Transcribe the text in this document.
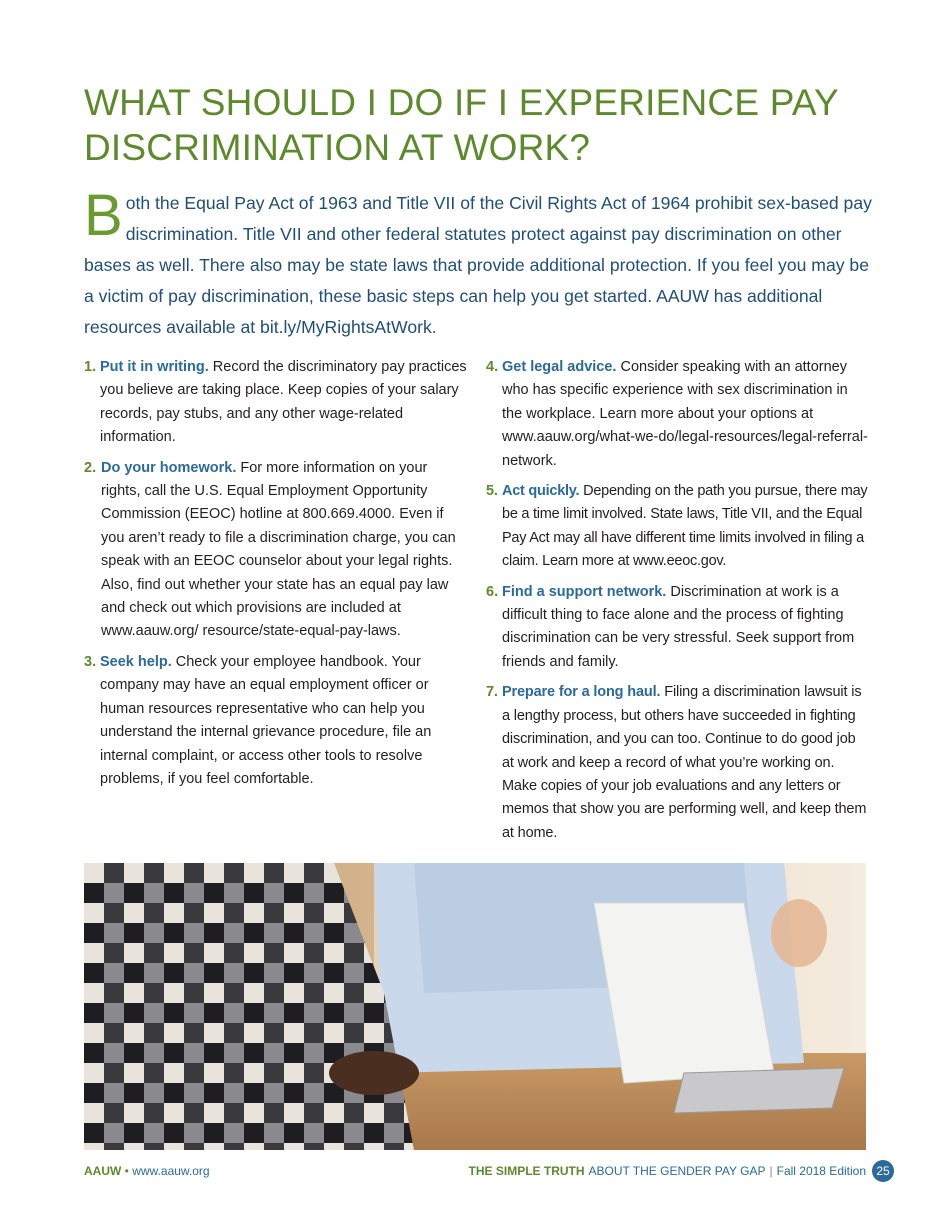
WHAT SHOULD I DO IF I EXPERIENCE PAY DISCRIMINATION AT WORK?

Both the Equal Pay Act of 1963 and Title VII of the Civil Rights Act of 1964 prohibit sex-based pay discrimination. Title VII and other federal statutes protect against pay discrimination on other bases as well. There also may be state laws that provide additional protection. If you feel you may be a victim of pay discrimination, these basic steps can help you get started. AAUW has additional resources available at bit.ly/MyRightsAtWork.

1. Put it in writing. Record the discriminatory pay practices you believe are taking place. Keep copies of your salary records, pay stubs, and any other wage-related information.
2. Do your homework. For more information on your rights, call the U.S. Equal Employment Opportunity Commission (EEOC) hotline at 800.669.4000. Even if you aren’t ready to file a discrimination charge, you can speak with an EEOC counselor about your legal rights. Also, find out whether your state has an equal pay law and check out which provisions are included at www.aauw.org/ resource/state-equal-pay-laws.
3. Seek help. Check your employee handbook. Your company may have an equal employment officer or human resources representative who can help you understand the internal grievance procedure, file an internal complaint, or access other tools to resolve problems, if you feel comfortable.
4. Get legal advice. Consider speaking with an attorney who has specific experience with sex discrimination in the workplace. Learn more about your options at www.aauw.org/what-we-do/legal-resources/legal-referral-network.
5. Act quickly. Depending on the path you pursue, there may be a time limit involved. State laws, Title VII, and the Equal Pay Act may all have different time limits involved in filing a claim. Learn more at www.eeoc.gov.
6. Find a support network. Discrimination at work is a difficult thing to face alone and the process of fighting discrimination can be very stressful. Seek support from friends and family.
7. Prepare for a long haul. Filing a discrimination lawsuit is a lengthy process, but others have succeeded in fighting discrimination, and you can too. Continue to do good job at work and keep a record of what you’re working on. Make copies of your job evaluations and any letters or memos that show you are performing well, and keep them at home.
AAUW • www.aauw.org	THE SIMPLE TRUTH ABOUT THE GENDER PAY GAP | Fall 2018 Edition 25
